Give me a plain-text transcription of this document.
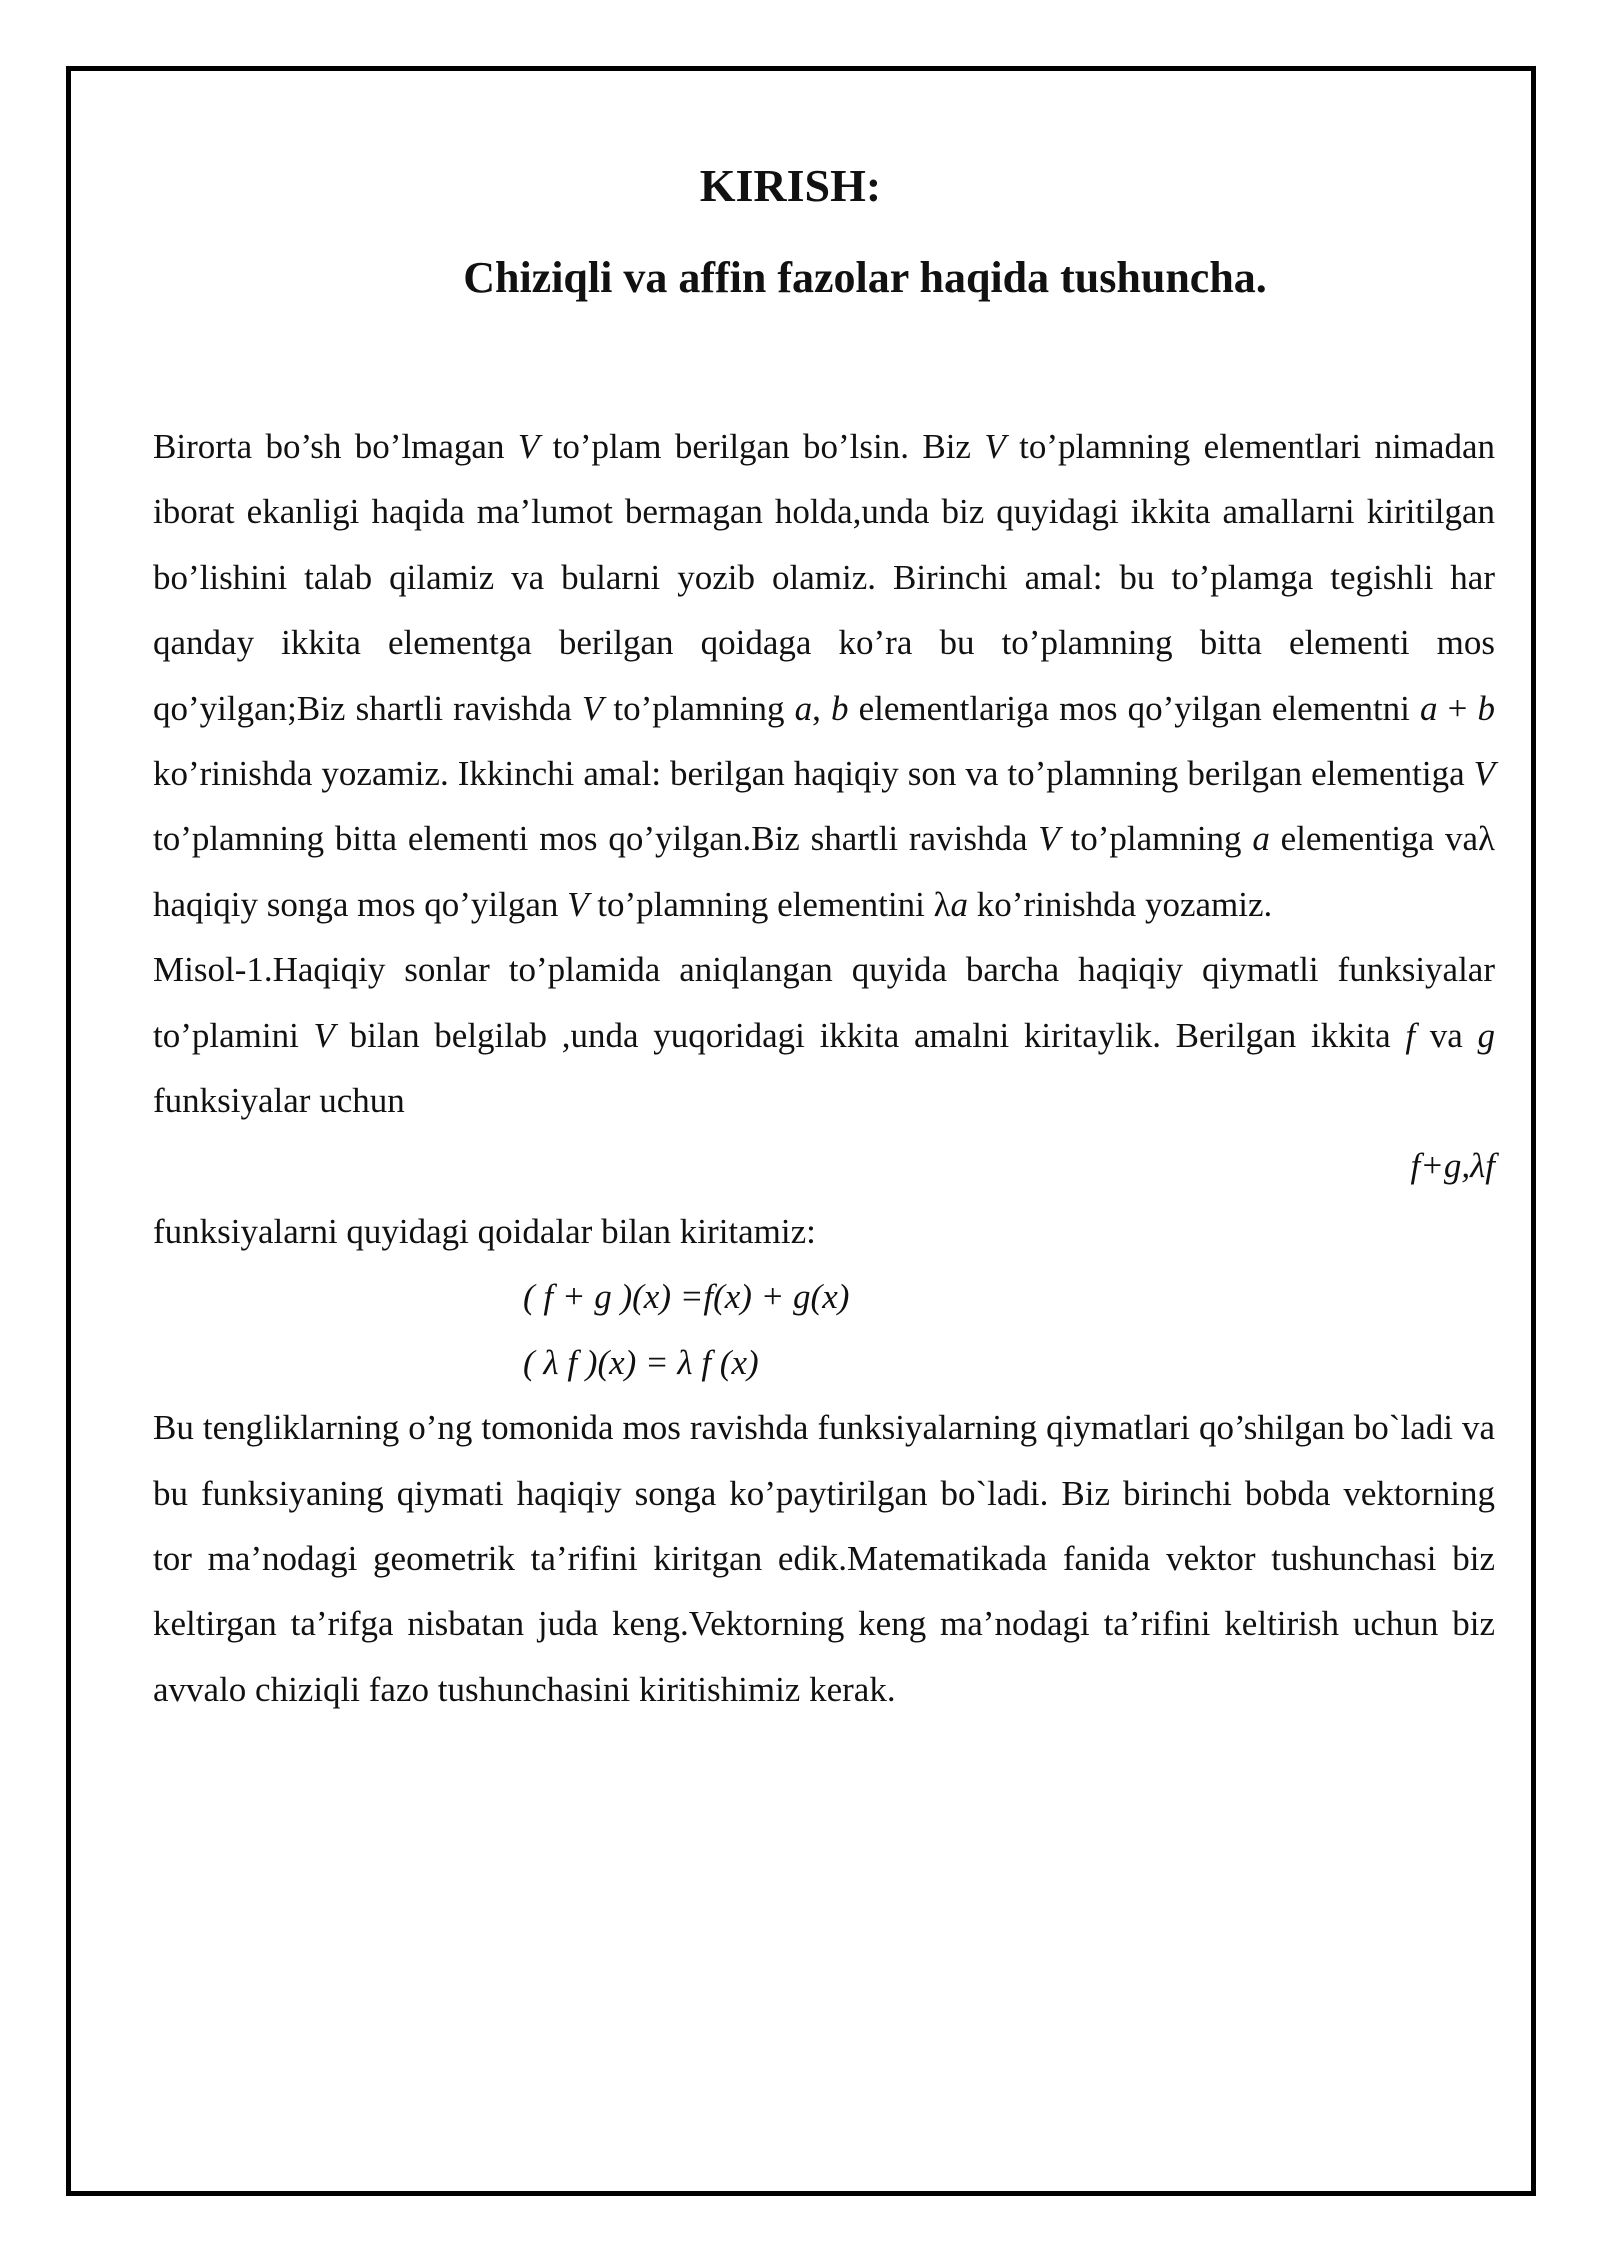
KIRISH:
Chiziqli va affin fazolar haqida tushuncha.

Birorta bo’sh bo’lmagan V to’plam berilgan bo’lsin. Biz V to’plamning elementlari nimadan iborat ekanligi haqida ma’lumot bermagan holda,unda biz quyidagi ikkita amallarni kiritilgan bo’lishini talab qilamiz va bularni yozib olamiz. Birinchi amal: bu to’plamga tegishli har qanday ikkita elementga berilgan qoidaga ko’ra bu to’plamning bitta elementi mos qo’yilgan;Biz shartli ravishda V to’plamning a, b elementlariga mos qo’yilgan elementni a + b ko’rinishda yozamiz. Ikkinchi amal: berilgan haqiqiy son va to’plamning berilgan elementiga V to’plamning bitta elementi mos qo’yilgan.Biz shartli ravishda V to’plamning a elementiga vaλ haqiqiy songa mos qo’yilgan V to’plamning elementini λa ko’rinishda yozamiz.

Misol-1.Haqiqiy sonlar to’plamida aniqlangan quyida barcha haqiqiy qiymatli funksiyalar to’plamini V bilan belgilab ,unda yuqoridagi ikkita amalni kiritaylik. Berilgan ikkita f va g funksiyalar uchun

f+g,λf

funksiyalarni quyidagi qoidalar bilan kiritamiz:

( f + g )(x) =f(x) + g(x)

( λ f )(x) = λ f (x)

Bu tengliklarning o’ng tomonida mos ravishda funksiyalarning qiymatlari qo’shilgan bo`ladi va bu funksiyaning qiymati haqiqiy songa ko’paytirilgan bo`ladi. Biz birinchi bobda vektorning tor ma’nodagi geometrik ta’rifini kiritgan edik.Matematikada fanida vektor tushunchasi biz keltirgan ta’rifga nisbatan juda keng.Vektorning keng ma’nodagi ta’rifini keltirish uchun biz avvalo chiziqli fazo tushunchasini kiritishimiz kerak.
